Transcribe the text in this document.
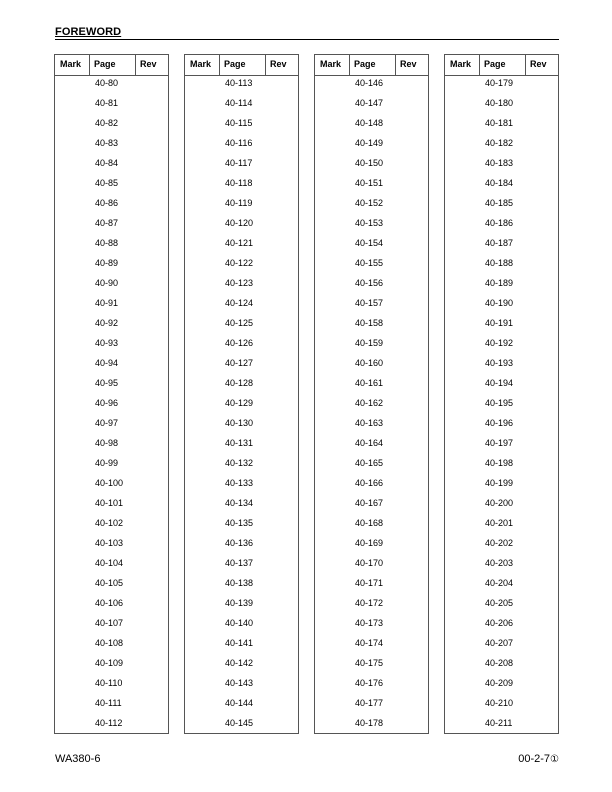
FOREWORD
Mark Page	Rev
40-80
40-81
40-82
40-83
40-84
40-85
40-86
40-87
40-88
40-89
40-90
40-91
40-92
40-93
40-94
40-95
40-96
40-97
40-98
40-99
40-100
40-101
40-102
40-103
40-104
40-105
40-106
40-107
40-108
40-109
40-110
40-111
40-112
Mark Page	Rev
40-113
40-114
40-115
40-116
40-117
40-118
40-119
40-120
40-121
40-122
40-123
40-124
40-125
40-126
40-127
40-128
40-129
40-130
40-131
40-132
40-133
40-134
40-135
40-136
40-137
40-138
40-139
40-140
40-141
40-142
40-143
40-144
40-145
Mark Page	Rev
40-146
40-147
40-148
40-149
40-150
40-151
40-152
40-153
40-154
40-155
40-156
40-157
40-158
40-159
40-160
40-161
40-162
40-163
40-164
40-165
40-166
40-167
40-168
40-169
40-170
40-171
40-172
40-173
40-174
40-175
40-176
40-177
40-178
Mark Page	Rev
40-179
40-180
40-181
40-182
40-183
40-184
40-185
40-186
40-187
40-188
40-189
40-190
40-191
40-192
40-193
40-194
40-195
40-196
40-197
40-198
40-199
40-200
40-201
40-202
40-203
40-204
40-205
40-206
40-207
40-208
40-209
40-210
40-211
WA380-6	00-2-7①
